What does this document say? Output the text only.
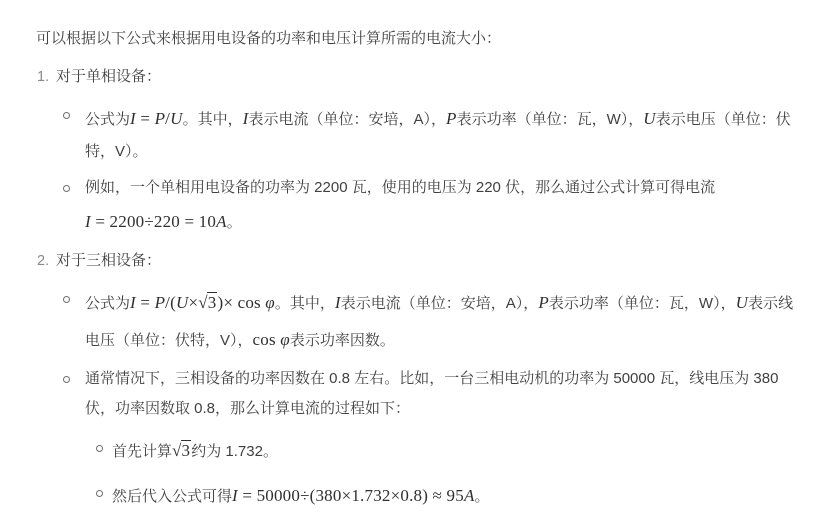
可以根据以下公式来根据用电设备的功率和电压计算所需的电流大小：

1. 对于单相设备：
公式为I = P/U。其中，I表示电流（单位：安培，A），P表示功率（单位：瓦，W），U表示电压（单位：伏特，V）。
例如，一个单相用电设备的功率为 2200 瓦，使用的电压为 220 伏，那么通过公式计算可得电流 I = 2200÷220 = 10A。
2. 对于三相设备：
公式为I = P/(U×√3)× cos φ。其中，I表示电流（单位：安培，A），P表示功率（单位：瓦，W），U表示线电压（单位：伏特，V），cos φ表示功率因数。
通常情况下，三相设备的功率因数在 0.8 左右。比如，一台三相电动机的功率为 50000 瓦，线电压为 380 伏，功率因数取 0.8，那么计算电流的过程如下：
首先计算√3约为 1.732。
然后代入公式可得I = 50000÷(380×1.732×0.8) ≈ 95A。
